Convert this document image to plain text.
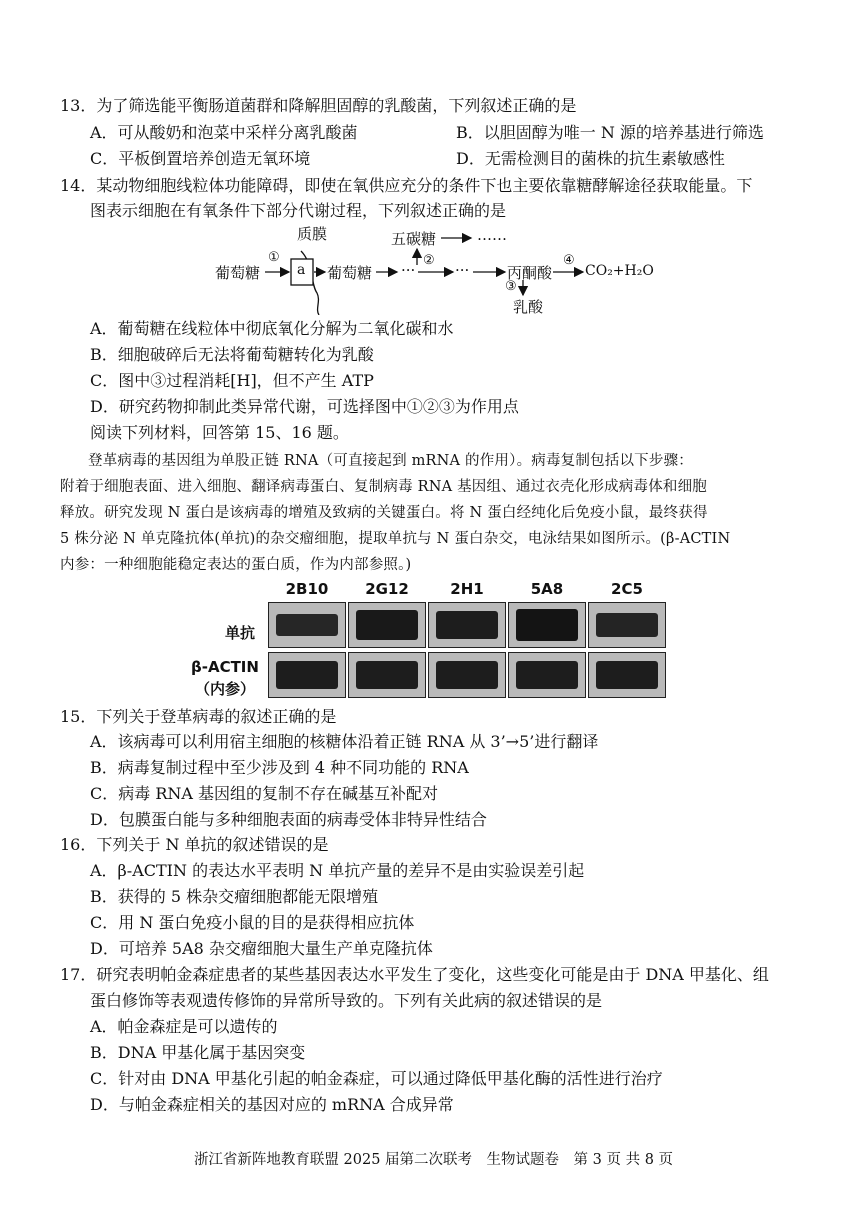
13．为了筛选能平衡肠道菌群和降解胆固醇的乳酸菌，下列叙述正确的是
A．可从酸奶和泡菜中采样分离乳酸菌	B．以胆固醇为唯一 N 源的培养基进行筛选
C．平板倒置培养创造无氧环境	D．无需检测目的菌株的抗生素敏感性
14．某动物细胞线粒体功能障碍，即使在氧供应充分的条件下也主要依靠糖酵解途径获取能量。下
图表示细胞在有氧条件下部分代谢过程，下列叙述正确的是
质膜
葡萄糖
①
a 葡萄糖 ···
②
五碳糖	……
···	丙酮酸
④
CO₂+H₂O
③
乳酸
A．葡萄糖在线粒体中彻底氧化分解为二氧化碳和水
B．细胞破碎后无法将葡萄糖转化为乳酸
C．图中③过程消耗[H]，但不产生 ATP
D．研究药物抑制此类异常代谢，可选择图中①②③为作用点
阅读下列材料，回答第 15、16 题。
登革病毒的基因组为单股正链 RNA（可直接起到 mRNA 的作用）。病毒复制包括以下步骤：
附着于细胞表面、进入细胞、翻译病毒蛋白、复制病毒 RNA 基因组、通过衣壳化形成病毒体和细胞
释放。研究发现 N 蛋白是该病毒的增殖及致病的关键蛋白。将 N 蛋白经纯化后免疫小鼠，最终获得
5 株分泌 N 单克隆抗体(单抗)的杂交瘤细胞，提取单抗与 N 蛋白杂交，电泳结果如图所示。(β-ACTIN
内参：一种细胞能稳定表达的蛋白质，作为内部参照。)
单抗
β-ACTIN
（内参）
2B10	2G12	2H1	5A8	2C5
15．下列关于登革病毒的叙述正确的是
A．该病毒可以利用宿主细胞的核糖体沿着正链 RNA 从 3’→5’进行翻译
B．病毒复制过程中至少涉及到 4 种不同功能的 RNA
C．病毒 RNA 基因组的复制不存在碱基互补配对
D．包膜蛋白能与多种细胞表面的病毒受体非特异性结合
16．下列关于 N 单抗的叙述错误的是
A．β-ACTIN 的表达水平表明 N 单抗产量的差异不是由实验误差引起
B．获得的 5 株杂交瘤细胞都能无限增殖
C．用 N 蛋白免疫小鼠的目的是获得相应抗体
D．可培养 5A8 杂交瘤细胞大量生产单克隆抗体
17．研究表明帕金森症患者的某些基因表达水平发生了变化，这些变化可能是由于 DNA 甲基化、组
蛋白修饰等表观遗传修饰的异常所导致的。下列有关此病的叙述错误的是
A．帕金森症是可以遗传的
B．DNA 甲基化属于基因突变
C．针对由 DNA 甲基化引起的帕金森症，可以通过降低甲基化酶的活性进行治疗
D．与帕金森症相关的基因对应的 mRNA 合成异常
浙江省新阵地教育联盟 2025 届第二次联考　生物试题卷　第 3 页 共 8 页
